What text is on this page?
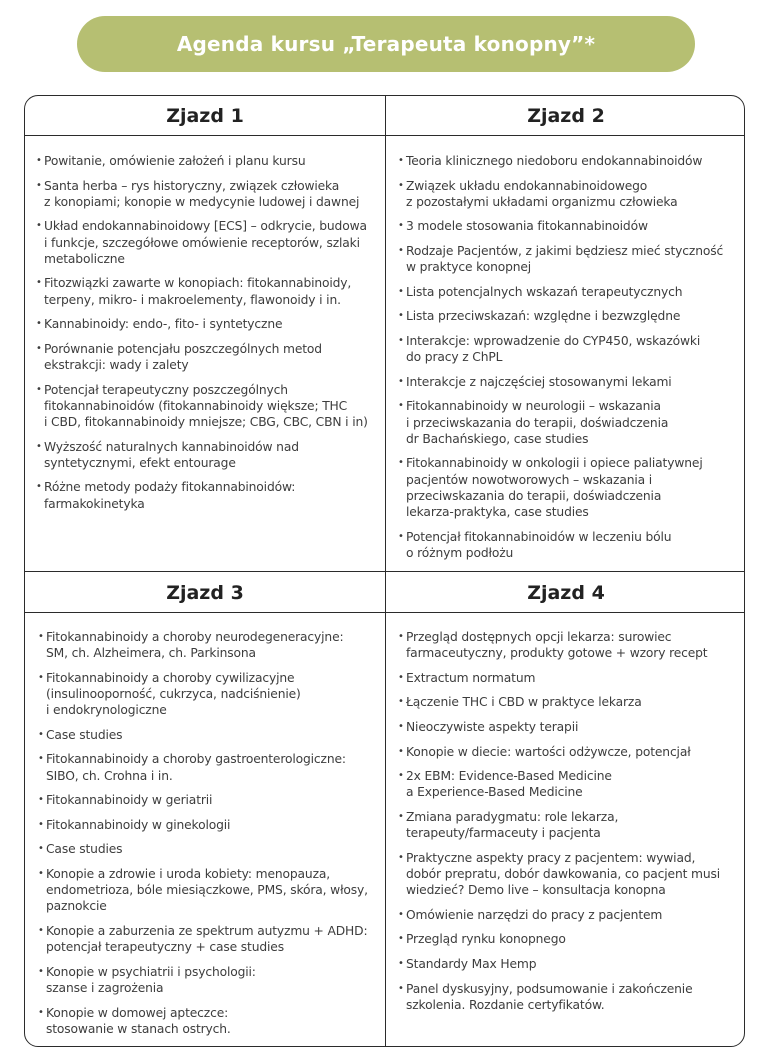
Agenda kursu „Terapeuta konopny”*
Zjazd 1
• Powitanie, omówienie założeń i planu kursu
• Santa herba – rys historyczny, związek człowieka
z konopiami; konopie w medycynie ludowej i dawnej
• Układ endokannabinoidowy [ECS] – odkrycie, budowa
i funkcje, szczegółowe omówienie receptorów, szlaki
metaboliczne
• Fitozwiązki zawarte w konopiach: fitokannabinoidy,
terpeny, mikro- i makroelementy, flawonoidy i in.
• Kannabinoidy: endo-, fito- i syntetyczne
• Porównanie potencjału poszczególnych metod
ekstrakcji: wady i zalety
• Potencjał terapeutyczny poszczególnych
fitokannabinoidów (fitokannabinoidy większe; THC
i CBD, fitokannabinoidy mniejsze; CBG, CBC, CBN i in)
• Wyższość naturalnych kannabinoidów nad
syntetycznymi, efekt entourage
• Różne metody podaży fitokannabinoidów:
farmakokinetyka
Zjazd 2
• Teoria klinicznego niedoboru endokannabinoidów
• Związek układu endokannabinoidowego
z pozostałymi układami organizmu człowieka
• 3 modele stosowania fitokannabinoidów
• Rodzaje Pacjentów, z jakimi będziesz mieć styczność
w praktyce konopnej
• Lista potencjalnych wskazań terapeutycznych
• Lista przeciwskazań: względne i bezwzględne
• Interakcje: wprowadzenie do CYP450, wskazówki
do pracy z ChPL
• Interakcje z najczęściej stosowanymi lekami
• Fitokannabinoidy w neurologii – wskazania
i przeciwskazania do terapii, doświadczenia
dr Bachańskiego, case studies
• Fitokannabinoidy w onkologii i opiece paliatywnej
pacjentów nowotworowych – wskazania i
przeciwskazania do terapii, doświadczenia
lekarza-praktyka, case studies
• Potencjał fitokannabinoidów w leczeniu bólu
o różnym podłożu
Zjazd 3
• Fitokannabinoidy a choroby neurodegeneracyjne:
SM, ch. Alzheimera, ch. Parkinsona
• Fitokannabinoidy a choroby cywilizacyjne
(insulinooporność, cukrzyca, nadciśnienie)
i endokrynologiczne
• Case studies
• Fitokannabinoidy a choroby gastroenterologiczne:
SIBO, ch. Crohna i in.
• Fitokannabinoidy w geriatrii
• Fitokannabinoidy w ginekologii
• Case studies
• Konopie a zdrowie i uroda kobiety: menopauza,
endometrioza, bóle miesiączkowe, PMS, skóra, włosy,
paznokcie
• Konopie a zaburzenia ze spektrum autyzmu + ADHD:
potencjał terapeutyczny + case studies
• Konopie w psychiatrii i psychologii:
szanse i zagrożenia
• Konopie w domowej apteczce:
stosowanie w stanach ostrych.
Zjazd 4
• Przegląd dostępnych opcji lekarza: surowiec
farmaceutyczny, produkty gotowe + wzory recept
• Extractum normatum
• Łączenie THC i CBD w praktyce lekarza
• Nieoczywiste aspekty terapii
• Konopie w diecie: wartości odżywcze, potencjał
• 2x EBM: Evidence-Based Medicine
a Experience-Based Medicine
• Zmiana paradygmatu: role lekarza,
terapeuty/farmaceuty i pacjenta
• Praktyczne aspekty pracy z pacjentem: wywiad,
dobór prepratu, dobór dawkowania, co pacjent musi
wiedzieć? Demo live – konsultacja konopna
• Omówienie narzędzi do pracy z pacjentem
• Przegląd rynku konopnego
• Standardy Max Hemp
• Panel dyskusyjny, podsumowanie i zakończenie
szkolenia. Rozdanie certyfikatów.
